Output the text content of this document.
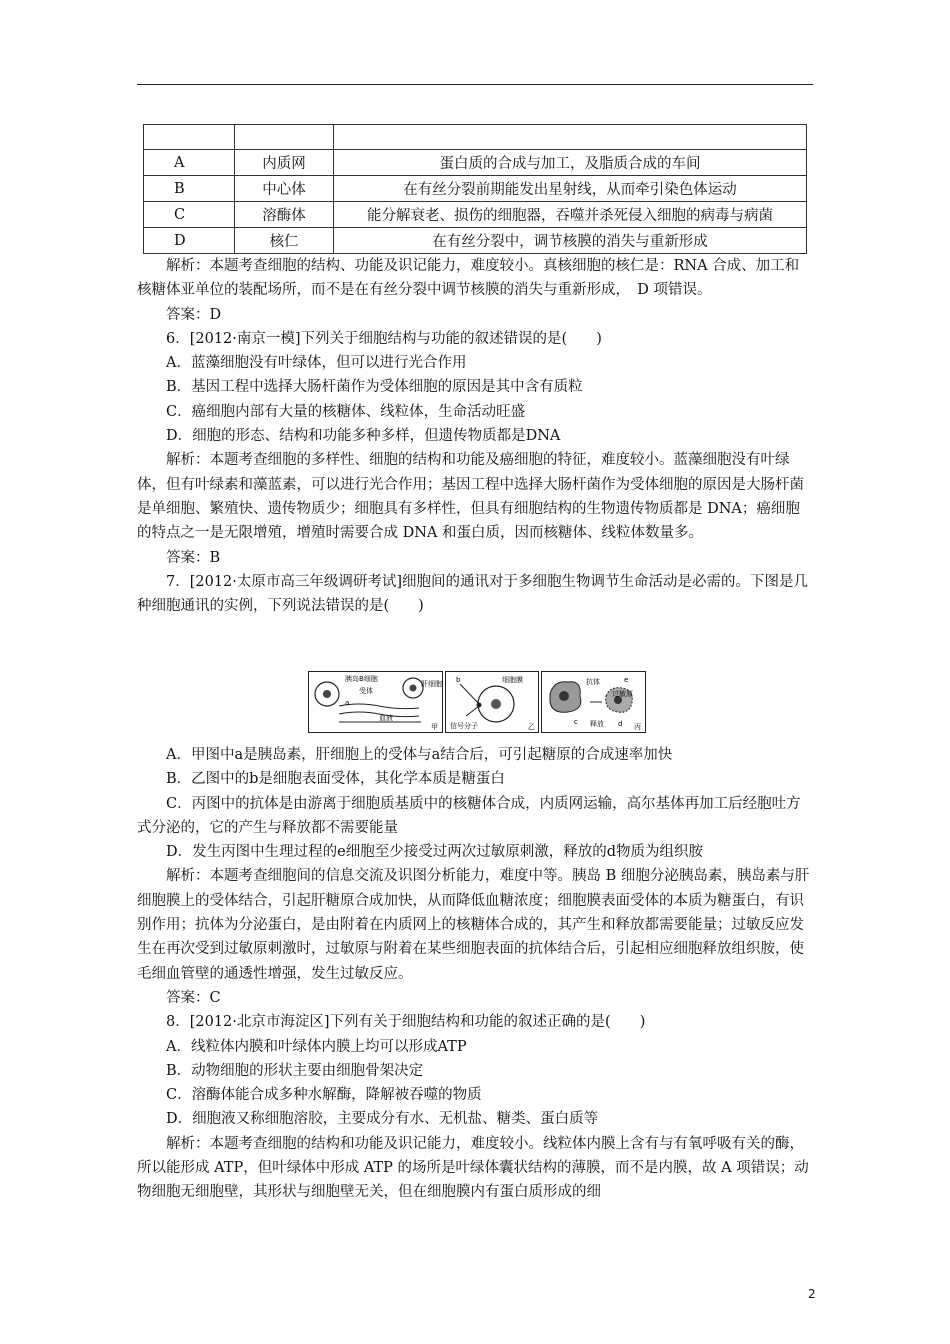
A	内质网	蛋白质的合成与加工，及脂质合成的车间
B	中心体	在有丝分裂前期能发出星射线，从而牵引染色体运动
C	溶酶体	能分解衰老、损伤的细胞器，吞噬并杀死侵入细胞的病毒与病菌
D	核仁	在有丝分裂中，调节核膜的消失与重新形成

解析：本题考查细胞的结构、功能及识记能力，难度较小。真核细胞的核仁是：RNA 合成、加工和核糖体亚单位的装配场所，而不是在有丝分裂中调节核膜的消失与重新形成，　D 项错误。

答案：D

6．[2012·南京一模]下列关于细胞结构与功能的叙述错误的是(　　)

A．蓝藻细胞没有叶绿体，但可以进行光合作用

B．基因工程中选择大肠杆菌作为受体细胞的原因是其中含有质粒

C．癌细胞内部有大量的核糖体、线粒体，生命活动旺盛

D．细胞的形态、结构和功能多种多样，但遗传物质都是DNA

解析：本题考查细胞的多样性、细胞的结构和功能及癌细胞的特征，难度较小。蓝藻细胞没有叶绿体，但有叶绿素和藻蓝素，可以进行光合作用；基因工程中选择大肠杆菌作为受体细胞的原因是大肠杆菌是单细胞、繁殖快、遗传物质少；细胞具有多样性，但具有细胞结构的生物遗传物质都是 DNA；癌细胞的特点之一是无限增殖，增殖时需要合成 DNA 和蛋白质，因而核糖体、线粒体数量多。

答案：B

7．[2012·太原市高三年级调研考试]细胞间的通讯对于多细胞生物调节生命活动是必需的。下图是几种细胞通讯的实例，下列说法错误的是(　　)

胰岛B细胞
受体
a
血液
肝细胞
甲
b	细胞膜
信号分子	乙
抗体	e
过敏原
c 释放 d 丙

A．甲图中a是胰岛素，肝细胞上的受体与a结合后，可引起糖原的合成速率加快

B．乙图中的b是细胞表面受体，其化学本质是糖蛋白

C．丙图中的抗体是由游离于细胞质基质中的核糖体合成，内质网运输，高尔基体再加工后经胞吐方式分泌的，它的产生与释放都不需要能量

D．发生丙图中生理过程的e细胞至少接受过两次过敏原刺激，释放的d物质为组织胺

解析：本题考查细胞间的信息交流及识图分析能力，难度中等。胰岛 B 细胞分泌胰岛素，胰岛素与肝细胞膜上的受体结合，引起肝糖原合成加快，从而降低血糖浓度；细胞膜表面受体的本质为糖蛋白，有识别作用；抗体为分泌蛋白，是由附着在内质网上的核糖体合成的，其产生和释放都需要能量；过敏反应发生在再次受到过敏原刺激时，过敏原与附着在某些细胞表面的抗体结合后，引起相应细胞释放组织胺，使毛细血管壁的通透性增强，发生过敏反应。

答案：C

8．[2012·北京市海淀区]下列有关于细胞结构和功能的叙述正确的是(　　)

A．线粒体内膜和叶绿体内膜上均可以形成ATP

B．动物细胞的形状主要由细胞骨架决定

C．溶酶体能合成多种水解酶，降解被吞噬的物质

D．细胞液又称细胞溶胶，主要成分有水、无机盐、糖类、蛋白质等

解析：本题考查细胞的结构和功能及识记能力，难度较小。线粒体内膜上含有与有氧呼吸有关的酶，所以能形成 ATP，但叶绿体中形成 ATP 的场所是叶绿体囊状结构的薄膜，而不是内膜，故 A 项错误；动物细胞无细胞壁，其形状与细胞壁无关，但在细胞膜内有蛋白质形成的细

2
